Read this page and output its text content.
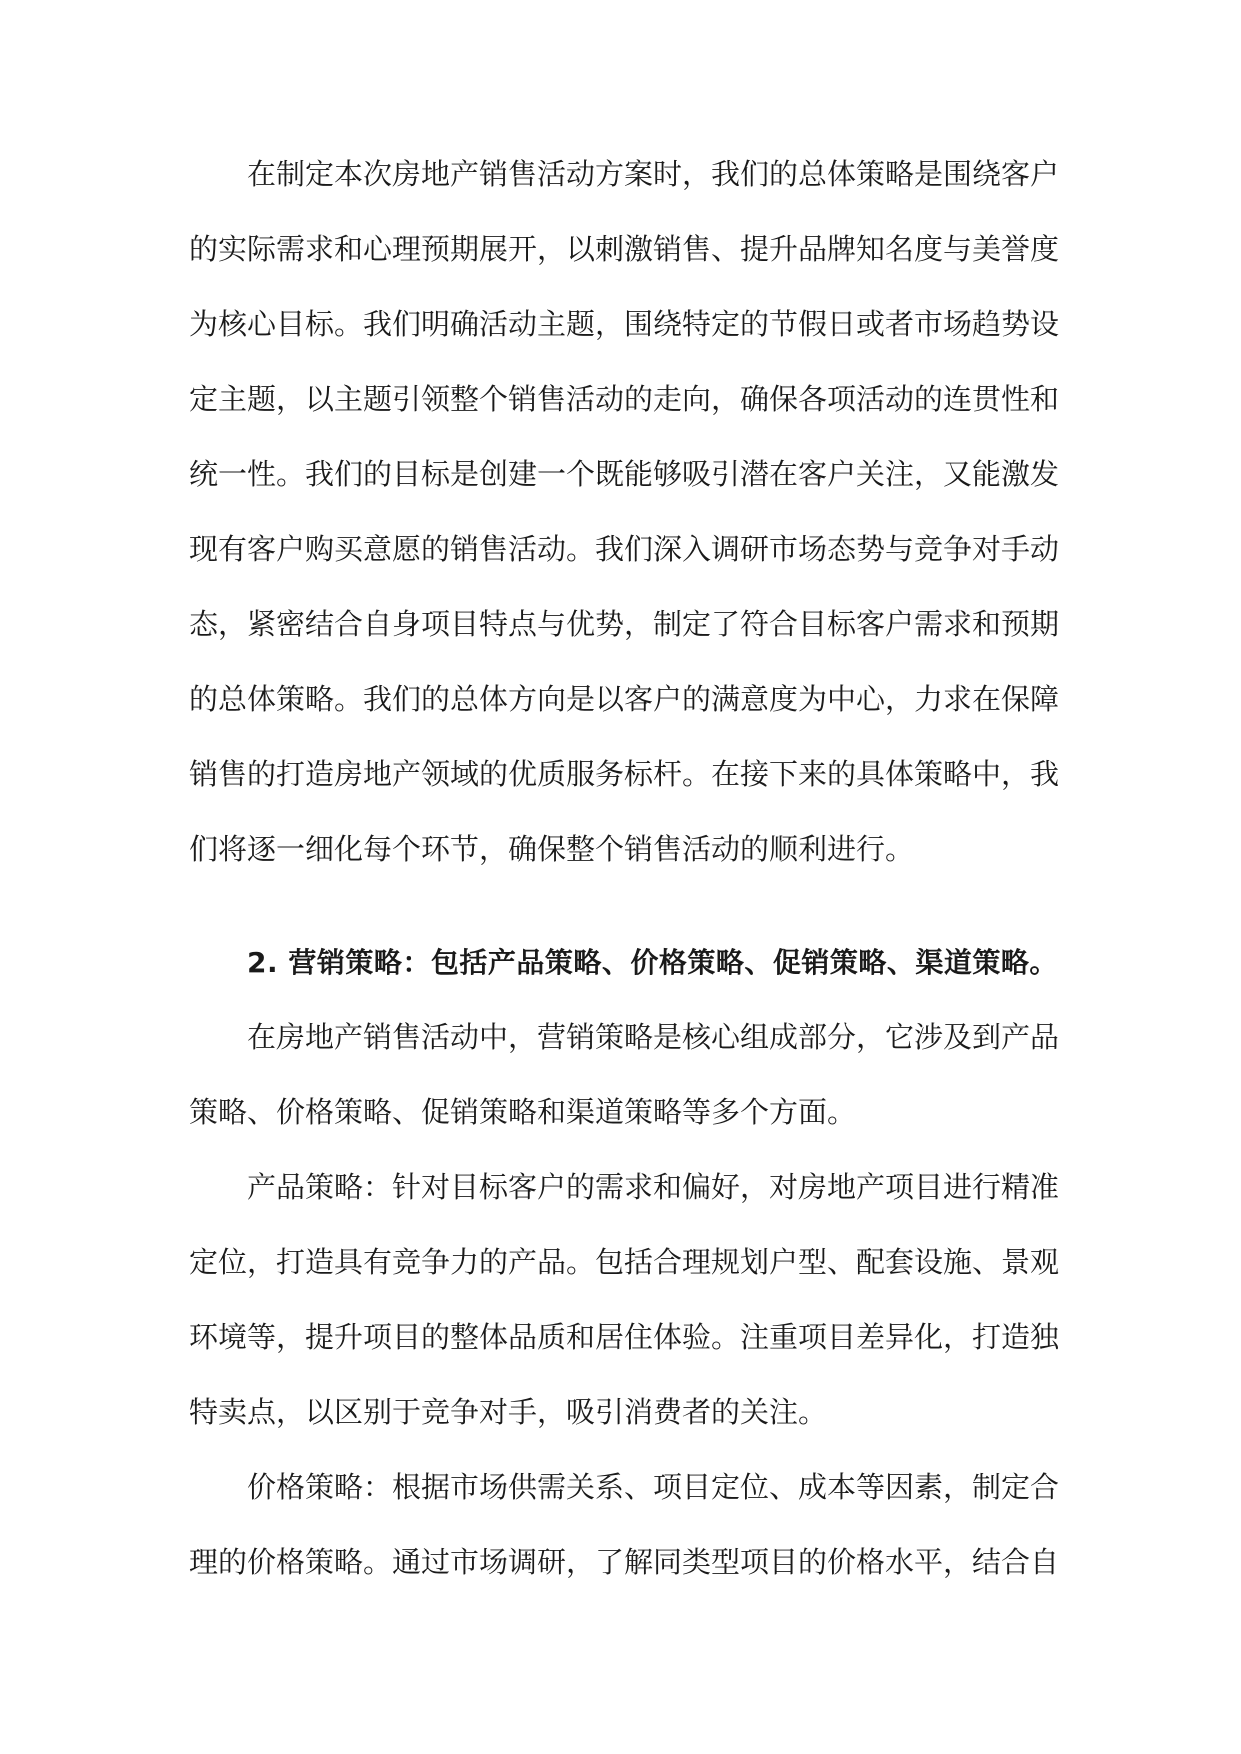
在制定本次房地产销售活动方案时，我们的总体策略是围绕客户的实际需求和心理预期展开，以刺激销售、提升品牌知名度与美誉度为核心目标。我们明确活动主题，围绕特定的节假日或者市场趋势设定主题，以主题引领整个销售活动的走向，确保各项活动的连贯性和统一性。我们的目标是创建一个既能够吸引潜在客户关注，又能激发现有客户购买意愿的销售活动。我们深入调研市场态势与竞争对手动态，紧密结合自身项目特点与优势，制定了符合目标客户需求和预期的总体策略。我们的总体方向是以客户的满意度为中心，力求在保障销售的打造房地产领域的优质服务标杆。在接下来的具体策略中，我们将逐一细化每个环节，确保整个销售活动的顺利进行。

2. 营销策略：包括产品策略、价格策略、促销策略、渠道策略。

在房地产销售活动中，营销策略是核心组成部分，它涉及到产品策略、价格策略、促销策略和渠道策略等多个方面。

产品策略：针对目标客户的需求和偏好，对房地产项目进行精准定位，打造具有竞争力的产品。包括合理规划户型、配套设施、景观环境等，提升项目的整体品质和居住体验。注重项目差异化，打造独特卖点，以区别于竞争对手，吸引消费者的关注。

价格策略：根据市场供需关系、项目定位、成本等因素，制定合理的价格策略。通过市场调研，了解同类型项目的价格水平，结合自
